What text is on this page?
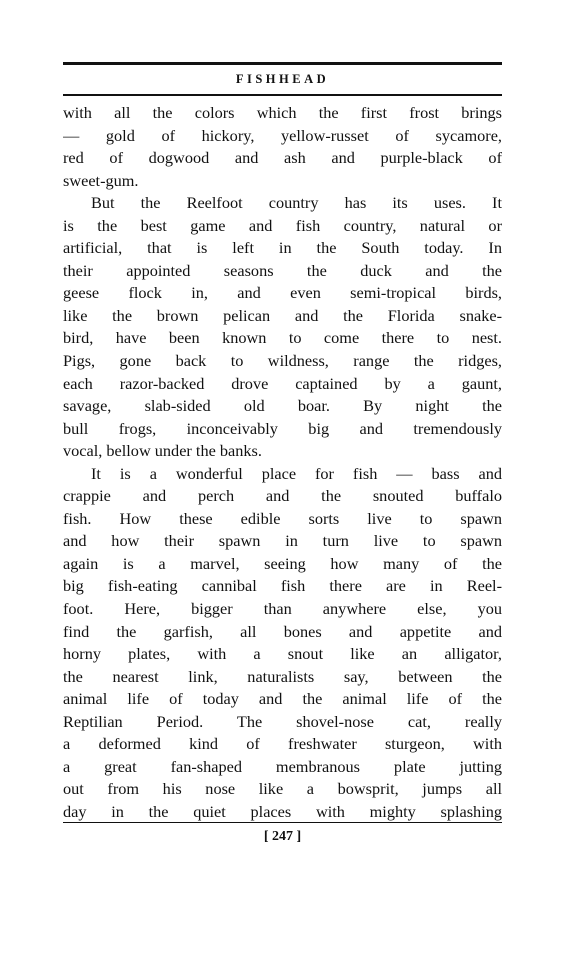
FISHHEAD
with all the colors which the first frost brings
— gold of hickory, yellow-russet of sycamore,
red of dogwood and ash and purple-black of
sweet-gum.
But the Reelfoot country has its uses. It
is the best game and fish country, natural or
artificial, that is left in the South today. In
their appointed seasons the duck and the
geese flock in, and even semi-tropical birds,
like the brown pelican and the Florida snake-
bird, have been known to come there to nest.
Pigs, gone back to wildness, range the ridges,
each razor-backed drove captained by a gaunt,
savage, slab-sided old boar. By night the
bull frogs, inconceivably big and tremendously
vocal, bellow under the banks.
It is a wonderful place for fish — bass and
crappie and perch and the snouted buffalo
fish. How these edible sorts live to spawn
and how their spawn in turn live to spawn
again is a marvel, seeing how many of the
big fish-eating cannibal fish there are in Reel-
foot. Here, bigger than anywhere else, you
find the garfish, all bones and appetite and
horny plates, with a snout like an alligator,
the nearest link, naturalists say, between the
animal life of today and the animal life of the
Reptilian Period. The shovel-nose cat, really
a deformed kind of freshwater sturgeon, with
a great fan-shaped membranous plate jutting
out from his nose like a bowsprit, jumps all
day in the quiet places with mighty splashing
[ 247 ]
